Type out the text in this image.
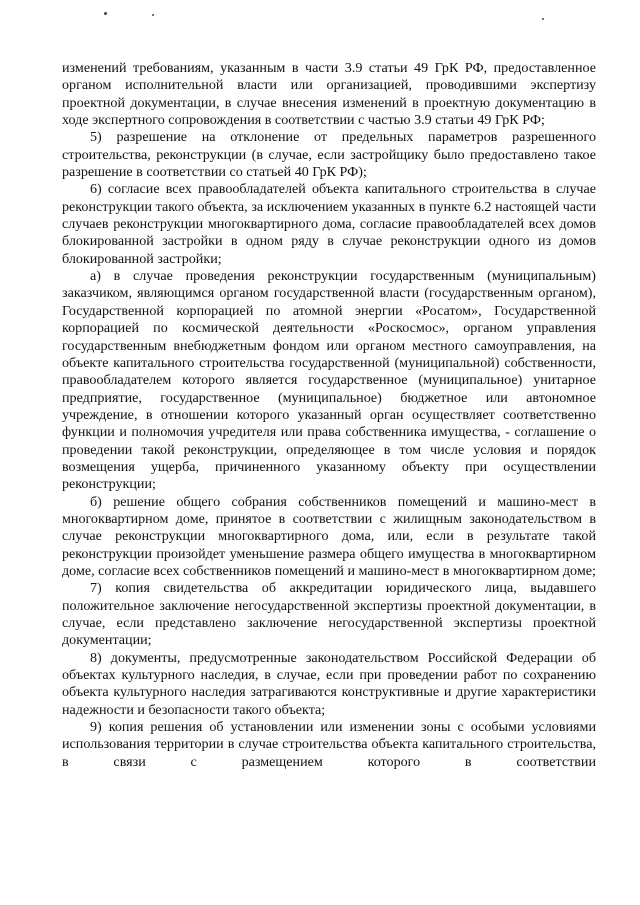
изменений требованиям, указанным в части 3.9 статьи 49 ГрК РФ, предоставленное органом исполнительной власти или организацией, проводившими экспертизу проектной документации, в случае внесения изменений в проектную документацию в ходе экспертного сопровождения в соответствии с частью 3.9 статьи 49 ГрК РФ;

5) разрешение на отклонение от предельных параметров разрешенного строительства, реконструкции (в случае, если застройщику было предоставлено такое разрешение в соответствии со статьей 40 ГрК РФ);

6) согласие всех правообладателей объекта капитального строительства в случае реконструкции такого объекта, за исключением указанных в пункте 6.2 настоящей части случаев реконструкции многоквартирного дома, согласие правообладателей всех домов блокированной застройки в одном ряду в случае реконструкции одного из домов блокированной застройки;

а) в случае проведения реконструкции государственным (муниципальным) заказчиком, являющимся органом государственной власти (государственным органом), Государственной корпорацией по атомной энергии «Росатом», Государственной корпорацией по космической деятельности «Роскосмос», органом управления государственным внебюджетным фондом или органом местного самоуправления, на объекте капитального строительства государственной (муниципальной) собственности, правообладателем которого является государственное (муниципальное) унитарное предприятие, государственное (муниципальное) бюджетное или автономное учреждение, в отношении которого указанный орган осуществляет соответственно функции и полномочия учредителя или права собственника имущества, - соглашение о проведении такой реконструкции, определяющее в том числе условия и порядок возмещения ущерба, причиненного указанному объекту при осуществлении реконструкции;

б) решение общего собрания собственников помещений и машино-мест в многоквартирном доме, принятое в соответствии с жилищным законодательством в случае реконструкции многоквартирного дома, или, если в результате такой реконструкции произойдет уменьшение размера общего имущества в многоквартирном доме, согласие всех собственников помещений и машино-мест в многоквартирном доме;

7) копия свидетельства об аккредитации юридического лица, выдавшего положительное заключение негосударственной экспертизы проектной документации, в случае, если представлено заключение негосударственной экспертизы проектной документации;

8) документы, предусмотренные законодательством Российской Федерации об объектах культурного наследия, в случае, если при проведении работ по сохранению объекта культурного наследия затрагиваются конструктивные и другие характеристики надежности и безопасности такого объекта;

9) копия решения об установлении или изменении зоны с особыми условиями использования территории в случае строительства объекта капитального строительства, в связи с размещением которого в соответствии
